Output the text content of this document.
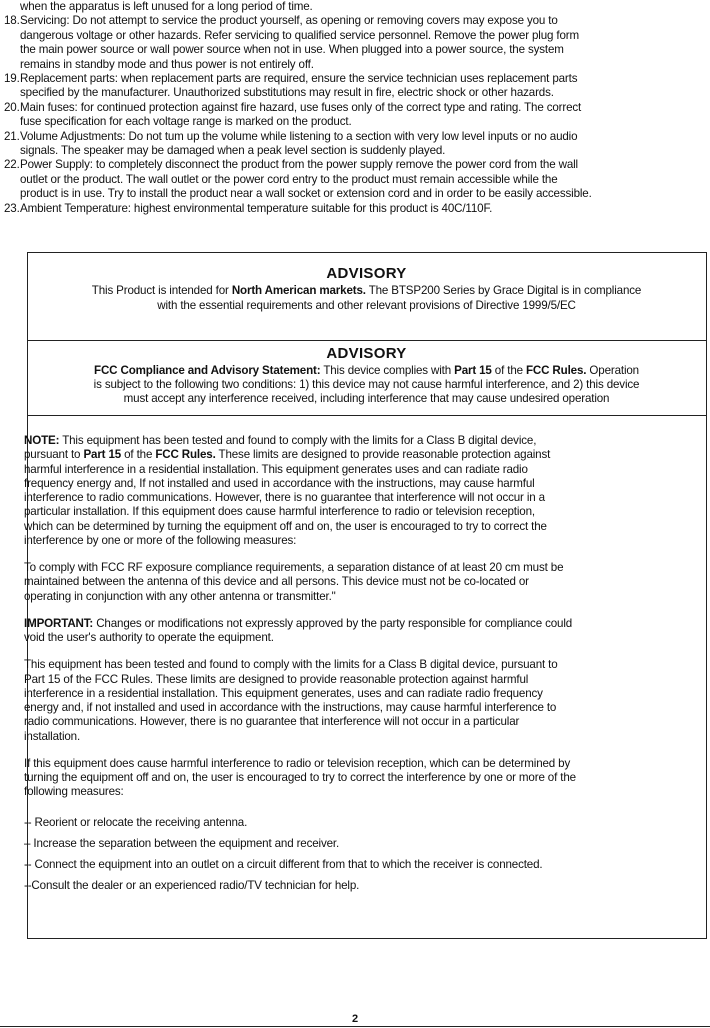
when the apparatus is left unused for a long period of time.
18. Servicing: Do not attempt to service the product yourself, as opening or removing covers may expose you to
dangerous voltage or other hazards. Refer servicing to qualified service personnel. Remove the power plug form
the main power source or wall power source when not in use. When plugged into a power source, the system
remains in standby mode and thus power is not entirely off.
19. Replacement parts: when replacement parts are required, ensure the service technician uses replacement parts
specified by the manufacturer. Unauthorized substitutions may result in fire, electric shock or other hazards.
20. Main fuses: for continued protection against fire hazard, use fuses only of the correct type and rating. The correct
fuse specification for each voltage range is marked on the product.
21. Volume Adjustments: Do not tum up the volume while listening to a section with very low level inputs or no audio
signals. The speaker may be damaged when a peak level section is suddenly played.
22. Power Supply: to completely disconnect the product from the power supply remove the power cord from the wall
outlet or the product. The wall outlet or the power cord entry to the product must remain accessible while the
product is in use. Try to install the product near a wall socket or extension cord and in order to be easily accessible.
23. Ambient Temperature: highest environmental temperature suitable for this product is 40C/110F.
ADVISORY
ADVISORY
This Product is intended for North American markets. The BTSP200 Series by Grace Digital is in compliance
with the essential requirements and other relevant provisions of Directive 1999/5/EC
FCC Compliance and Advisory Statement: This device complies with Part 15 of the FCC Rules. Operation
is subject to the following two conditions: 1) this device may not cause harmful interference, and 2) this device
must accept any interference received, including interference that may cause undesired operation
NOTE: This equipment has been tested and found to comply with the limits for a Class B digital device,
pursuant to Part 15 of the FCC Rules. These limits are designed to provide reasonable protection against
harmful interference in a residential installation. This equipment generates uses and can radiate radio
frequency energy and, If not installed and used in accordance with the instructions, may cause harmful
interference to radio communications. However, there is no guarantee that interference will not occur in a
particular installation. If this equipment does cause harmful interference to radio or television reception,
which can be determined by turning the equipment off and on, the user is encouraged to try to correct the
interference by one or more of the following measures:
To comply with FCC RF exposure compliance requirements, a separation distance of at least 20 cm must be
maintained between the antenna of this device and all persons. This device must not be co-located or
operating in conjunction with any other antenna or transmitter."
IMPORTANT: Changes or modifications not expressly approved by the party responsible for compliance could
void the user's authority to operate the equipment.
This equipment has been tested and found to comply with the limits for a Class B digital device, pursuant to
Part 15 of the FCC Rules. These limits are designed to provide reasonable protection against harmful
interference in a residential installation. This equipment generates, uses and can radiate radio frequency
energy and, if not installed and used in accordance with the instructions, may cause harmful interference to
radio communications. However, there is no guarantee that interference will not occur in a particular
installation.
If this equipment does cause harmful interference to radio or television reception, which can be determined by
turning the equipment off and on, the user is encouraged to try to correct the interference by one or more of the
following measures:
-- Reorient or relocate the receiving antenna.
– Increase the separation between the equipment and receiver.
-- Connect the equipment into an outlet on a circuit different from that to which the receiver is connected.
--Consult the dealer or an experienced radio/TV technician for help.
2
